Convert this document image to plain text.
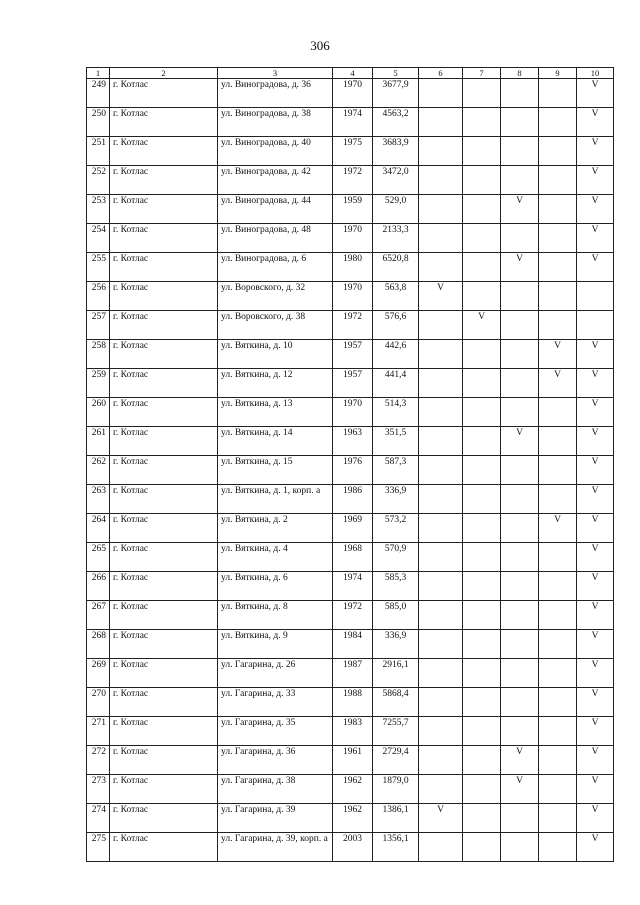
306
1	2	3	4	5	6	7	8	9	10
249	г. Котлас	ул. Виноградова, д. 36	1970	3677,9					V
250	г. Котлас	ул. Виноградова, д. 38	1974	4563,2					V
251	г. Котлас	ул. Виноградова, д. 40	1975	3683,9					V
252	г. Котлас	ул. Виноградова, д. 42	1972	3472,0					V
253	г. Котлас	ул. Виноградова, д. 44	1959	529,0			V		V
254	г. Котлас	ул. Виноградова, д. 48	1970	2133,3					V
255	г. Котлас	ул. Виноградова, д. 6	1980	6520,8			V		V
256	г. Котлас	ул. Воровского, д. 32	1970	563,8	V				
257	г. Котлас	ул. Воровского, д. 38	1972	576,6		V			
258	г. Котлас	ул. Вяткина, д. 10	1957	442,6				V	V
259	г. Котлас	ул. Вяткина, д. 12	1957	441,4				V	V
260	г. Котлас	ул. Вяткина, д. 13	1970	514,3					V
261	г. Котлас	ул. Вяткина, д. 14	1963	351,5			V		V
262	г. Котлас	ул. Вяткина, д. 15	1976	587,3					V
263	г. Котлас	ул. Вяткина, д. 1, корп. а	1986	336,9					V
264	г. Котлас	ул. Вяткина, д. 2	1969	573,2				V	V
265	г. Котлас	ул. Вяткина, д. 4	1968	570,9					V
266	г. Котлас	ул. Вяткина, д. 6	1974	585,3					V
267	г. Котлас	ул. Вяткина, д. 8	1972	585,0					V
268	г. Котлас	ул. Вяткина, д. 9	1984	336,9					V
269	г. Котлас	ул. Гагарина, д. 26	1987	2916,1					V
270	г. Котлас	ул. Гагарина, д. 33	1988	5868,4					V
271	г. Котлас	ул. Гагарина, д. 35	1983	7255,7					V
272	г. Котлас	ул. Гагарина, д. 36	1961	2729,4			V		V
273	г. Котлас	ул. Гагарина, д. 38	1962	1879,0			V		V
274	г. Котлас	ул. Гагарина, д. 39	1962	1386,1	V				V
275	г. Котлас	ул. Гагарина, д. 39, корп. а	2003	1356,1					V
